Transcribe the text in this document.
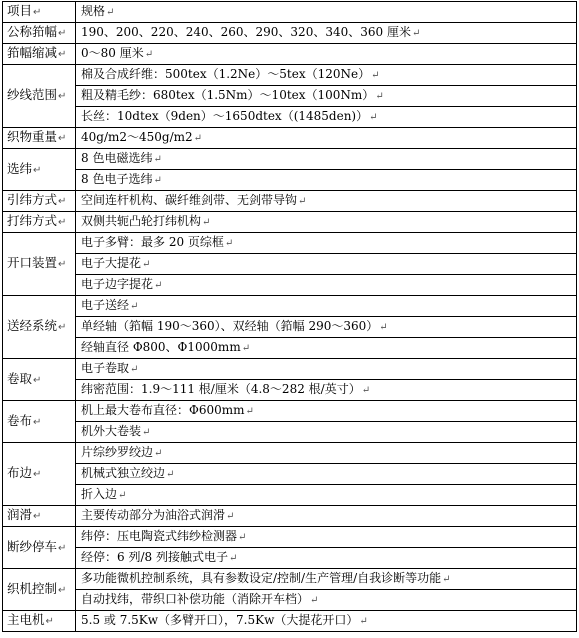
项目↵	规格↵
公称筘幅↵	190、200、220、240、260、290、320、340、360 厘米↵
筘幅缩减↵	0～80 厘米↵
纱线范围↵	棉及合成纤维：500tex（1.2Ne）～5tex（120Ne）↵
	粗及精毛纱：680tex（1.5Nm）～10tex（100Nm）↵
	长丝：10dtex（9den）～1650dtex（(1485den)）↵
织物重量↵	40g/m2～450g/m2↵
选纬↵	8 色电磁选纬↵
	8 色电子选纬↵
引纬方式↵	空间连杆机构、碳纤维剑带、无剑带导钩↵
打纬方式↵	双侧共轭凸轮打纬机构↵
开口装置↵	电子多臂：最多 20 页综框↵
	电子大提花↵
	电子边字提花↵
送经系统↵	电子送经↵
	单经轴（筘幅 190～360）、双经轴（筘幅 290～360）↵
	经轴直径 Φ800、Φ1000mm↵
卷取↵	电子卷取↵
	纬密范围：1.9～111 根/厘米（4.8～282 根/英寸）↵
卷布↵	机上最大卷布直径：Φ600mm↵
	机外大卷装↵
布边↵	片综纱罗绞边↵
	机械式独立绞边↵
	折入边↵
润滑↵	主要传动部分为油浴式润滑↵
断纱停车↵	纬停：压电陶瓷式纬纱检测器↵
	经停：6 列/8 列接触式电子↵
织机控制↵	多功能微机控制系统，具有参数设定/控制/生产管理/自我诊断等功能↵
	自动找纬，带织口补偿功能（消除开车档）↵
主电机↵	5.5 或 7.5Kw（多臂开口），7.5Kw（大提花开口）↵
